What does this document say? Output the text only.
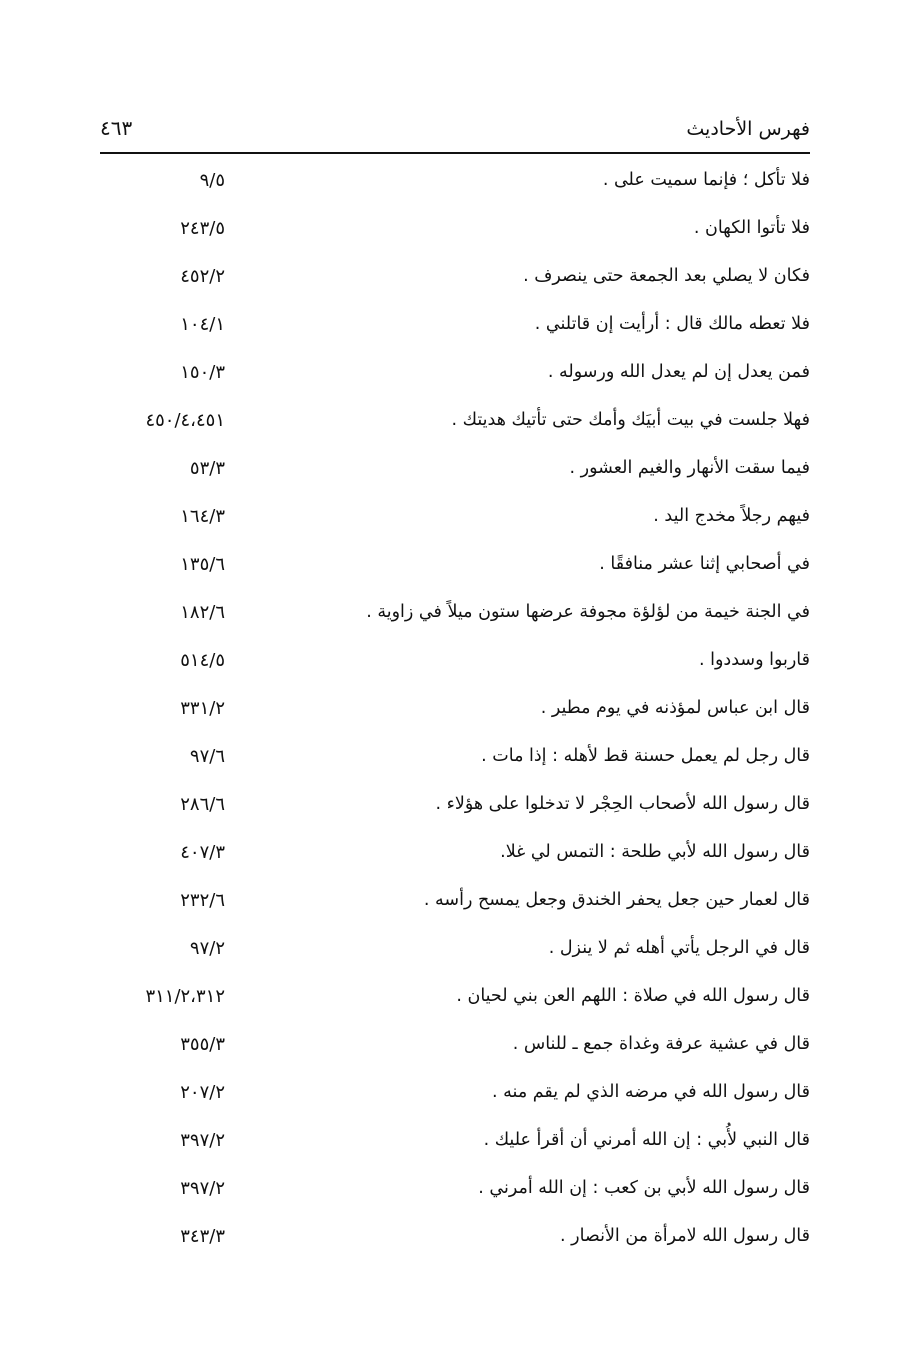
فهرس الأحاديث
٤٦٣
فلا تأكل ؛ فإنما سميت على .
٩/٥
فلا تأتوا الكهان .
٢٤٣/٥
فكان لا يصلي بعد الجمعة حتى ينصرف .
٤٥٢/٢
فلا تعطه مالك قال : أرأيت إن قاتلني .
١٠٤/١
فمن يعدل إن لم يعدل الله ورسوله .
١٥٠/٣
فهلا جلست في بيت أبيَك وأمك حتى تأتيك هديتك .
٤٥٠/٤،٤٥١
فيما سقت الأنهار والغيم العشور .
٥٣/٣
فيهم رجلاً مخدج اليد .
١٦٤/٣
في أصحابي إثنا عشر منافقًا .
١٣٥/٦
في الجنة خيمة من لؤلؤة مجوفة عرضها ستون ميلاً في زاوية .
١٨٢/٦
قاربوا وسددوا .
٥١٤/٥
قال ابن عباس لمؤذنه في يوم مطير .
٣٣١/٢
قال رجل لم يعمل حسنة قط لأهله : إذا مات .
٩٧/٦
قال رسول الله لأصحاب الحِجْر لا تدخلوا على هؤلاء .
٢٨٦/٦
قال رسول الله لأبي طلحة : التمس لي غلا.
٤٠٧/٣
قال لعمار حين جعل يحفر الخندق وجعل يمسح رأسه .
٢٣٢/٦
قال في الرجل يأتي أهله ثم لا ينزل .
٩٧/٢
قال رسول الله في صلاة : اللهم العن بني لحيان .
٣١١/٢،٣١٢
قال في عشية عرفة وغداة جمع ـ للناس .
٣٥٥/٣
قال رسول الله في مرضه الذي لم يقم منه .
٢٠٧/٢
قال النبي لأُبي : إن الله أمرني أن أقرأ عليك .
٣٩٧/٢
قال رسول الله لأبي بن كعب : إن الله أمرني .
٣٩٧/٢
قال رسول الله لامرأة من الأنصار .
٣٤٣/٣
